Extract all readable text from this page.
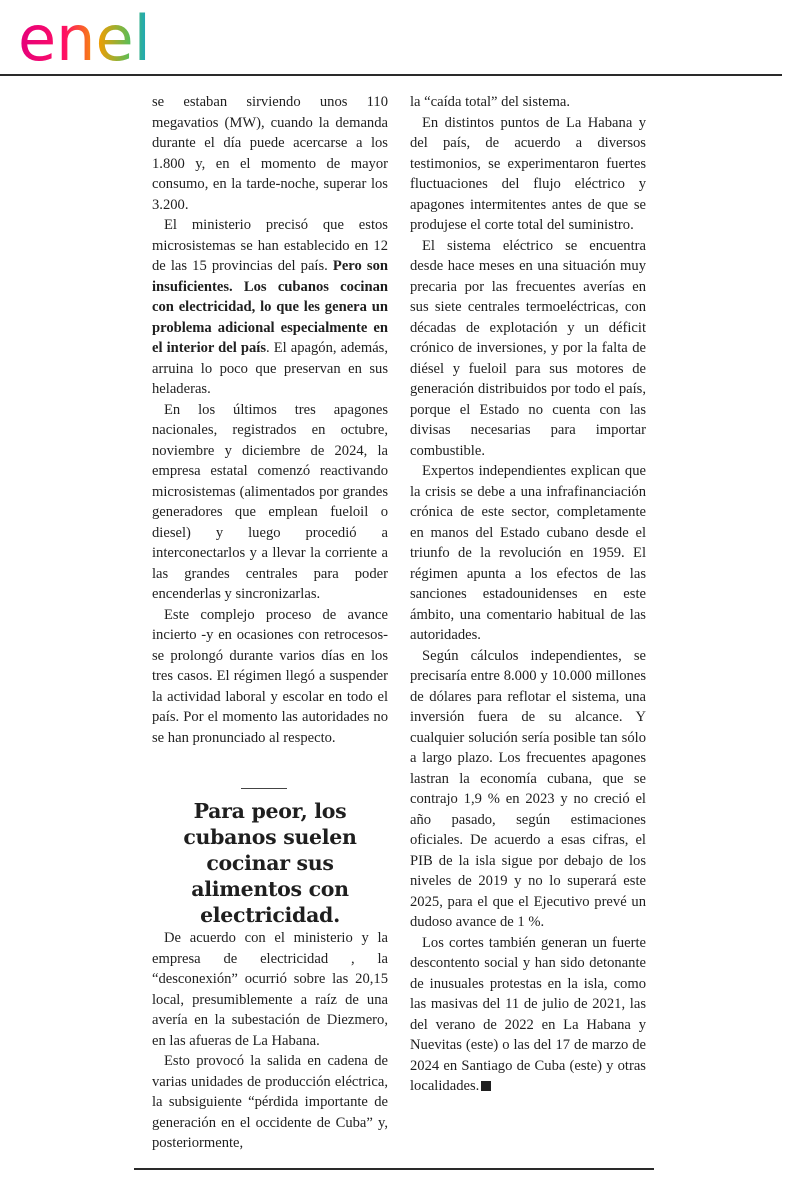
enel

se estaban sirviendo unos 110 megavatios (MW), cuando la demanda durante el día puede acercarse a los 1.800 y, en el momento de mayor consumo, en la tarde-noche, superar los 3.200.

El ministerio precisó que estos microsistemas se han establecido en 12 de las 15 provincias del país. Pero son insuficientes. Los cubanos cocinan con electricidad, lo que les genera un problema adicional especialmente en el interior del país. El apagón, además, arruina lo poco que preservan en sus heladeras.

En los últimos tres apagones nacionales, registrados en octubre, noviembre y diciembre de 2024, la empresa estatal comenzó reactivando microsistemas (alimentados por grandes generadores que emplean fueloil o diesel) y luego procedió a interconectarlos y a llevar la corriente a las grandes centrales para poder encenderlas y sincronizarlas.

Este complejo proceso de avance incierto -y en ocasiones con retrocesos- se prolongó durante varios días en los tres casos. El régimen llegó a suspender la actividad laboral y escolar en todo el país. Por el momento las autoridades no se han pronunciado al respecto.

Para peor, los cubanos suelen cocinar sus alimentos con electricidad.

De acuerdo con el ministerio y la empresa de electricidad , la “desconexión” ocurrió sobre las 20,15 local, presumiblemente a raíz de una avería en la subestación de Diezmero, en las afueras de La Habana.

Esto provocó la salida en cadena de varias unidades de producción eléctrica, la subsiguiente “pérdida importante de generación en el occidente de Cuba” y, posteriormente,

la “caída total” del sistema.

En distintos puntos de La Habana y del país, de acuerdo a diversos testimonios, se experimentaron fuertes fluctuaciones del flujo eléctrico y apagones intermitentes antes de que se produjese el corte total del suministro.

El sistema eléctrico se encuentra desde hace meses en una situación muy precaria por las frecuentes averías en sus siete centrales termoeléctricas, con décadas de explotación y un déficit crónico de inversiones, y por la falta de diésel y fueloil para sus motores de generación distribuidos por todo el país, porque el Estado no cuenta con las divisas necesarias para importar combustible.

Expertos independientes explican que la crisis se debe a una infrafinanciación crónica de este sector, completamente en manos del Estado cubano desde el triunfo de la revolución en 1959. El régimen apunta a los efectos de las sanciones estadounidenses en este ámbito, una comentario habitual de las autoridades.

Según cálculos independientes, se precisaría entre 8.000 y 10.000 millones de dólares para reflotar el sistema, una inversión fuera de su alcance. Y cualquier solución sería posible tan sólo a largo plazo. Los frecuentes apagones lastran la economía cubana, que se contrajo 1,9 % en 2023 y no creció el año pasado, según estimaciones oficiales. De acuerdo a esas cifras, el PIB de la isla sigue por debajo de los niveles de 2019 y no lo superará este 2025, para el que el Ejecutivo prevé un dudoso avance de 1 %.

Los cortes también generan un fuerte descontento social y han sido detonante de inusuales protestas en la isla, como las masivas del 11 de julio de 2021, las del verano de 2022 en La Habana y Nuevitas (este) o las del 17 de marzo de 2024 en Santiago de Cuba (este) y otras localidades.
